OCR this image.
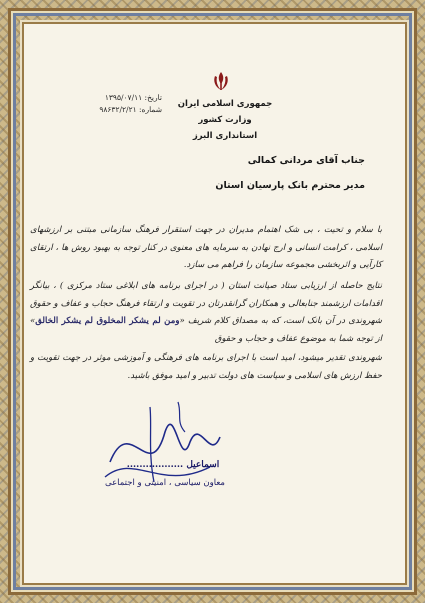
جمهوری اسلامی ایران
وزارت کشور
استانداری البرز
تاریخ: ۱۳۹۵/۰۷/۱۱
شماره: ۹۸۶۳۲/۲/۲۱
جناب آقای مردانی کمالی
مدیر محترم بانک پارسیان استان
با سلام و تحیت ، بی شک اهتمام مدیران در جهت استقرار فرهنگ سازمانی مبتنی بر ارزشهای اسلامی ، کرامت انسانی و ارج نهادن به سرمایه های معنوی در کنار توجه به بهبود روش ها ، ارتقای کارآیی و اثربخشی مجموعه سازمان را فراهم می سازد.
نتایج حاصله از ارزیابی ستاد صیانت استان ( در اجرای برنامه های ابلاغی ستاد مرکزی ) ، بیانگر اقدامات ارزشمند جنابعالی و همکاران گرانقدرتان در تقویت و ارتقاء فرهنگ حجاب و عفاف و حقوق شهروندی در آن بانک است، که به مصداق کلام شریف «ومن لم یشکر المخلوق لم یشکر الخالق» از توجه شما به موضوع عفاف و حجاب و حقوق
شهروندی تقدیر میشود، امید است با اجرای برنامه های فرهنگی و آموزشی موثر در جهت تقویت و حفظ ارزش های اسلامی و سیاست های دولت تدبیر و امید موفق باشید.
اسماعیل ..................
معاون سیاسی ، امنیتی و اجتماعی
